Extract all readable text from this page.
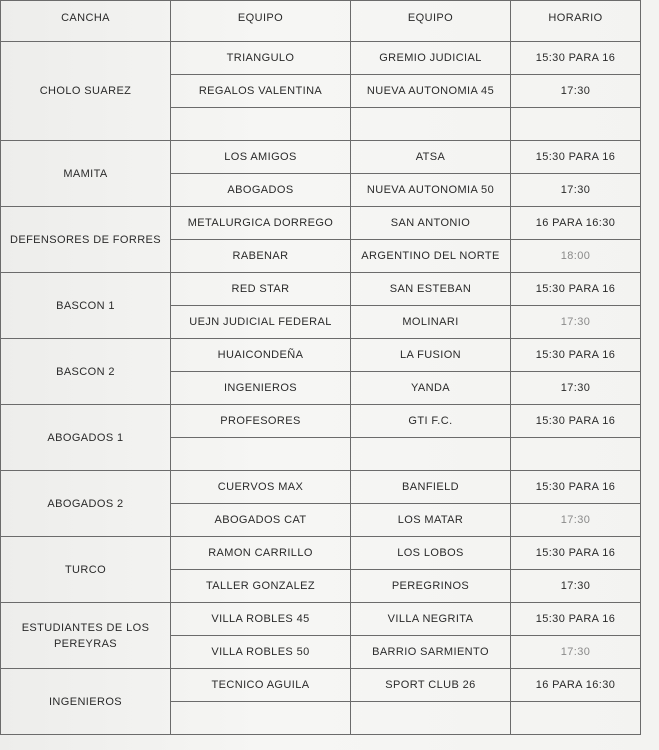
CANCHA	EQUIPO	EQUIPO	HORARIO
CHOLO SUAREZ	TRIANGULO	GREMIO JUDICIAL	15:30 PARA 16
	REGALOS VALENTINA	NUEVA AUTONOMIA 45	17:30

MAMITA	LOS AMIGOS	ATSA	15:30 PARA 16
	ABOGADOS	NUEVA AUTONOMIA 50	17:30
DEFENSORES DE FORRES	METALURGICA DORREGO	SAN ANTONIO	16 PARA 16:30
	RABENAR	ARGENTINO DEL NORTE	18:00
BASCON 1	RED STAR	SAN ESTEBAN	15:30 PARA 16
	UEJN JUDICIAL FEDERAL	MOLINARI	17:30
BASCON 2	HUAICONDEÑA	LA FUSION	15:30 PARA 16
	INGENIEROS	YANDA	17:30
ABOGADOS 1	PROFESORES	GTI F.C.	15:30 PARA 16

ABOGADOS 2	CUERVOS MAX	BANFIELD	15:30 PARA 16
	ABOGADOS CAT	LOS MATAR	17:30
TURCO	RAMON CARRILLO	LOS LOBOS	15:30 PARA 16
	TALLER GONZALEZ	PEREGRINOS	17:30
ESTUDIANTES DE LOS PEREYRAS	VILLA ROBLES 45	VILLA NEGRITA	15:30 PARA 16
	VILLA ROBLES 50	BARRIO SARMIENTO	17:30
INGENIEROS	TECNICO AGUILA	SPORT CLUB 26	16 PARA 16:30
